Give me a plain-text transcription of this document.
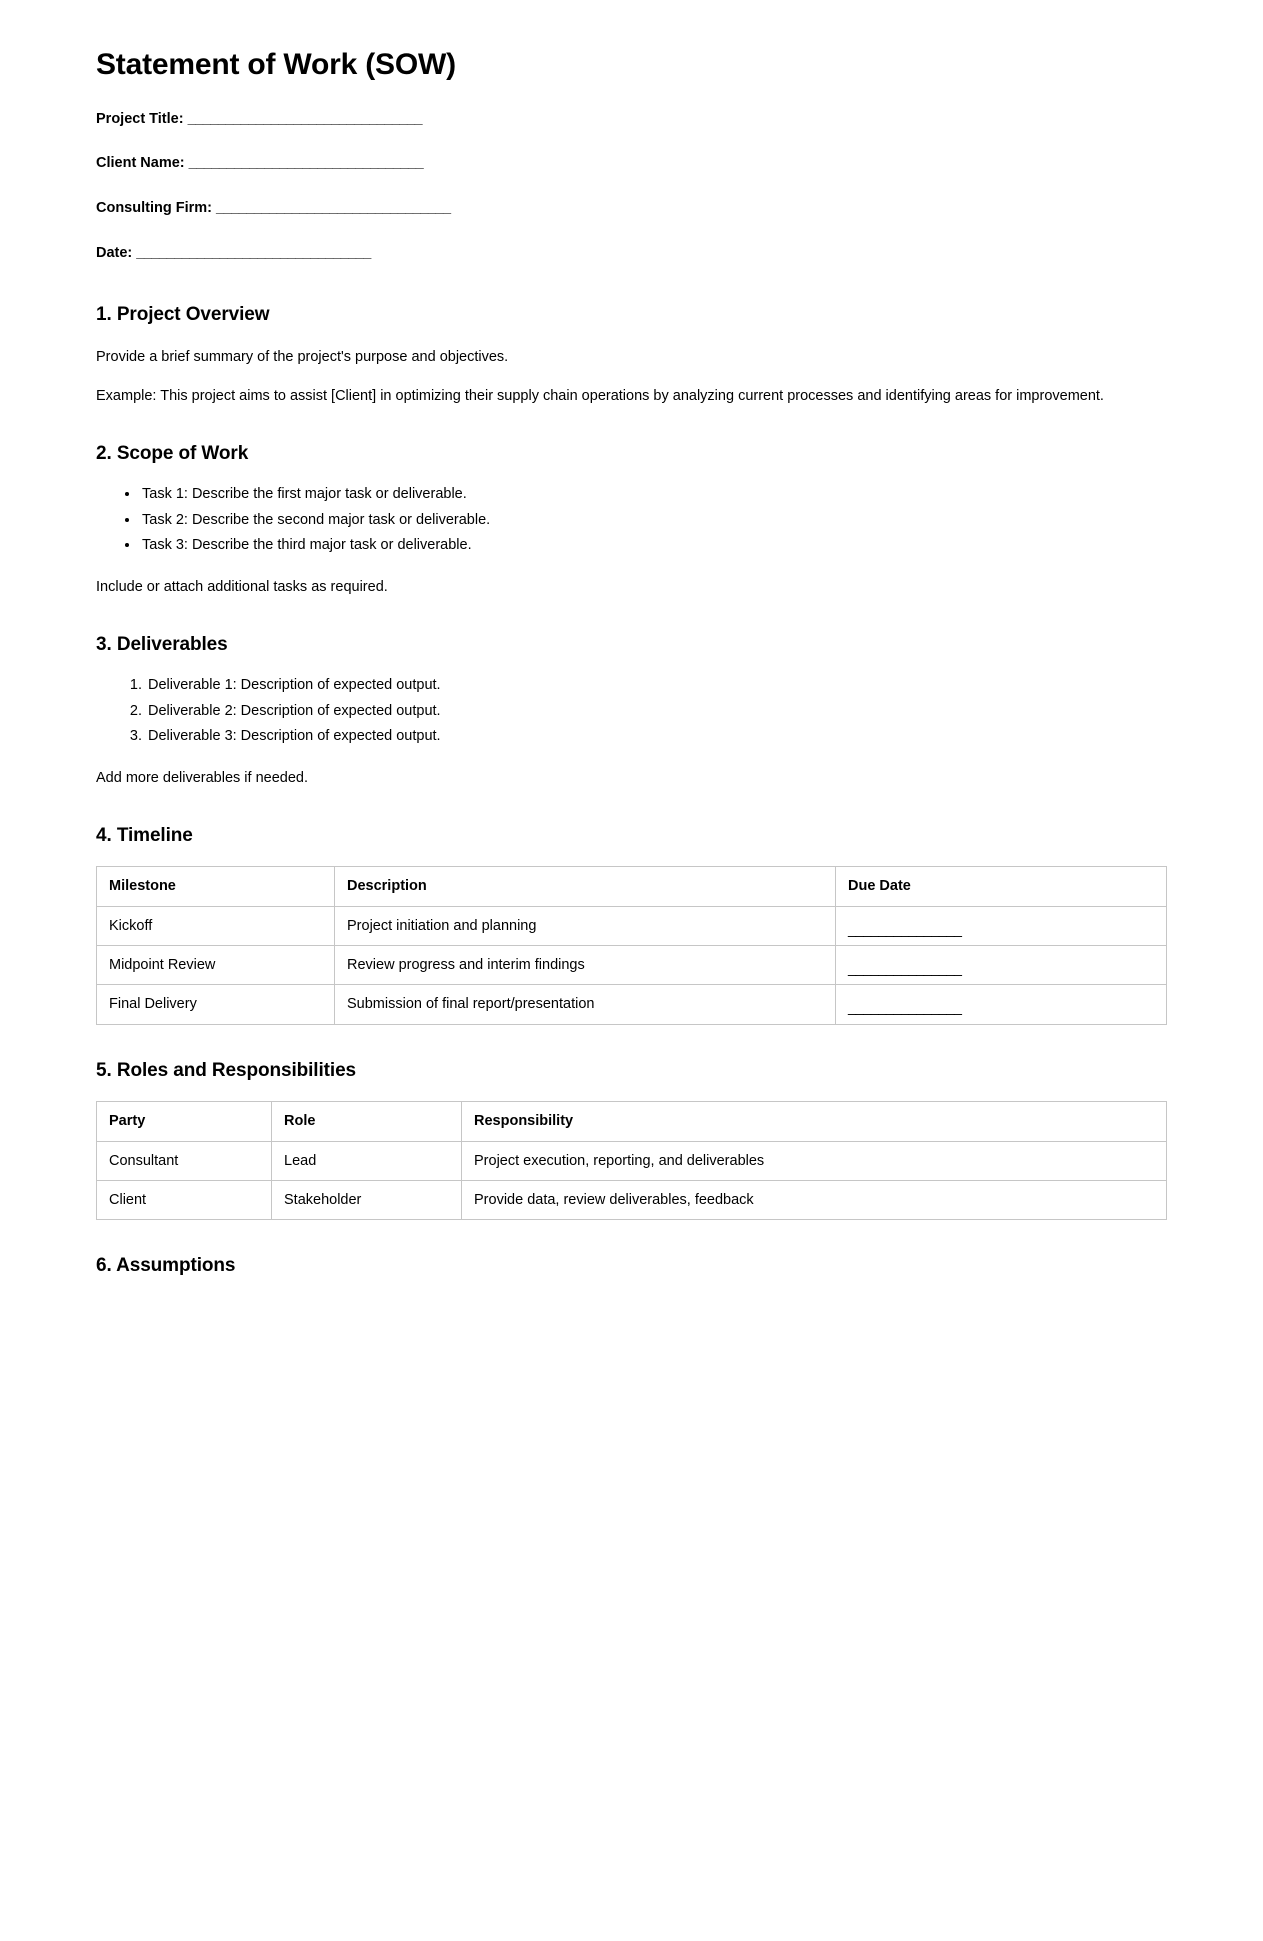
Statement of Work (SOW)
Project Title: _______________________________
Client Name: _______________________________
Consulting Firm: _______________________________
Date: _______________________________
1. Project Overview

Provide a brief summary of the project's purpose and objectives.

Example: This project aims to assist [Client] in optimizing their supply chain operations by analyzing current processes and identifying areas for improvement.

2. Scope of Work
• Task 1: Describe the first major task or deliverable.
• Task 2: Describe the second major task or deliverable.
• Task 3: Describe the third major task or deliverable.

Include or attach additional tasks as required.

3. Deliverables
1. Deliverable 1: Description of expected output.
2. Deliverable 2: Description of expected output.
3. Deliverable 3: Description of expected output.

Add more deliverables if needed.

4. Timeline
Milestone	Description	Due Date
Kickoff	Project initiation and planning	_______________
Midpoint Review	Review progress and interim findings	_______________
Final Delivery	Submission of final report/presentation	_______________
5. Roles and Responsibilities
Party	Role	Responsibility
Consultant	Lead	Project execution, reporting, and deliverables
Client	Stakeholder	Provide data, review deliverables, feedback
6. Assumptions
